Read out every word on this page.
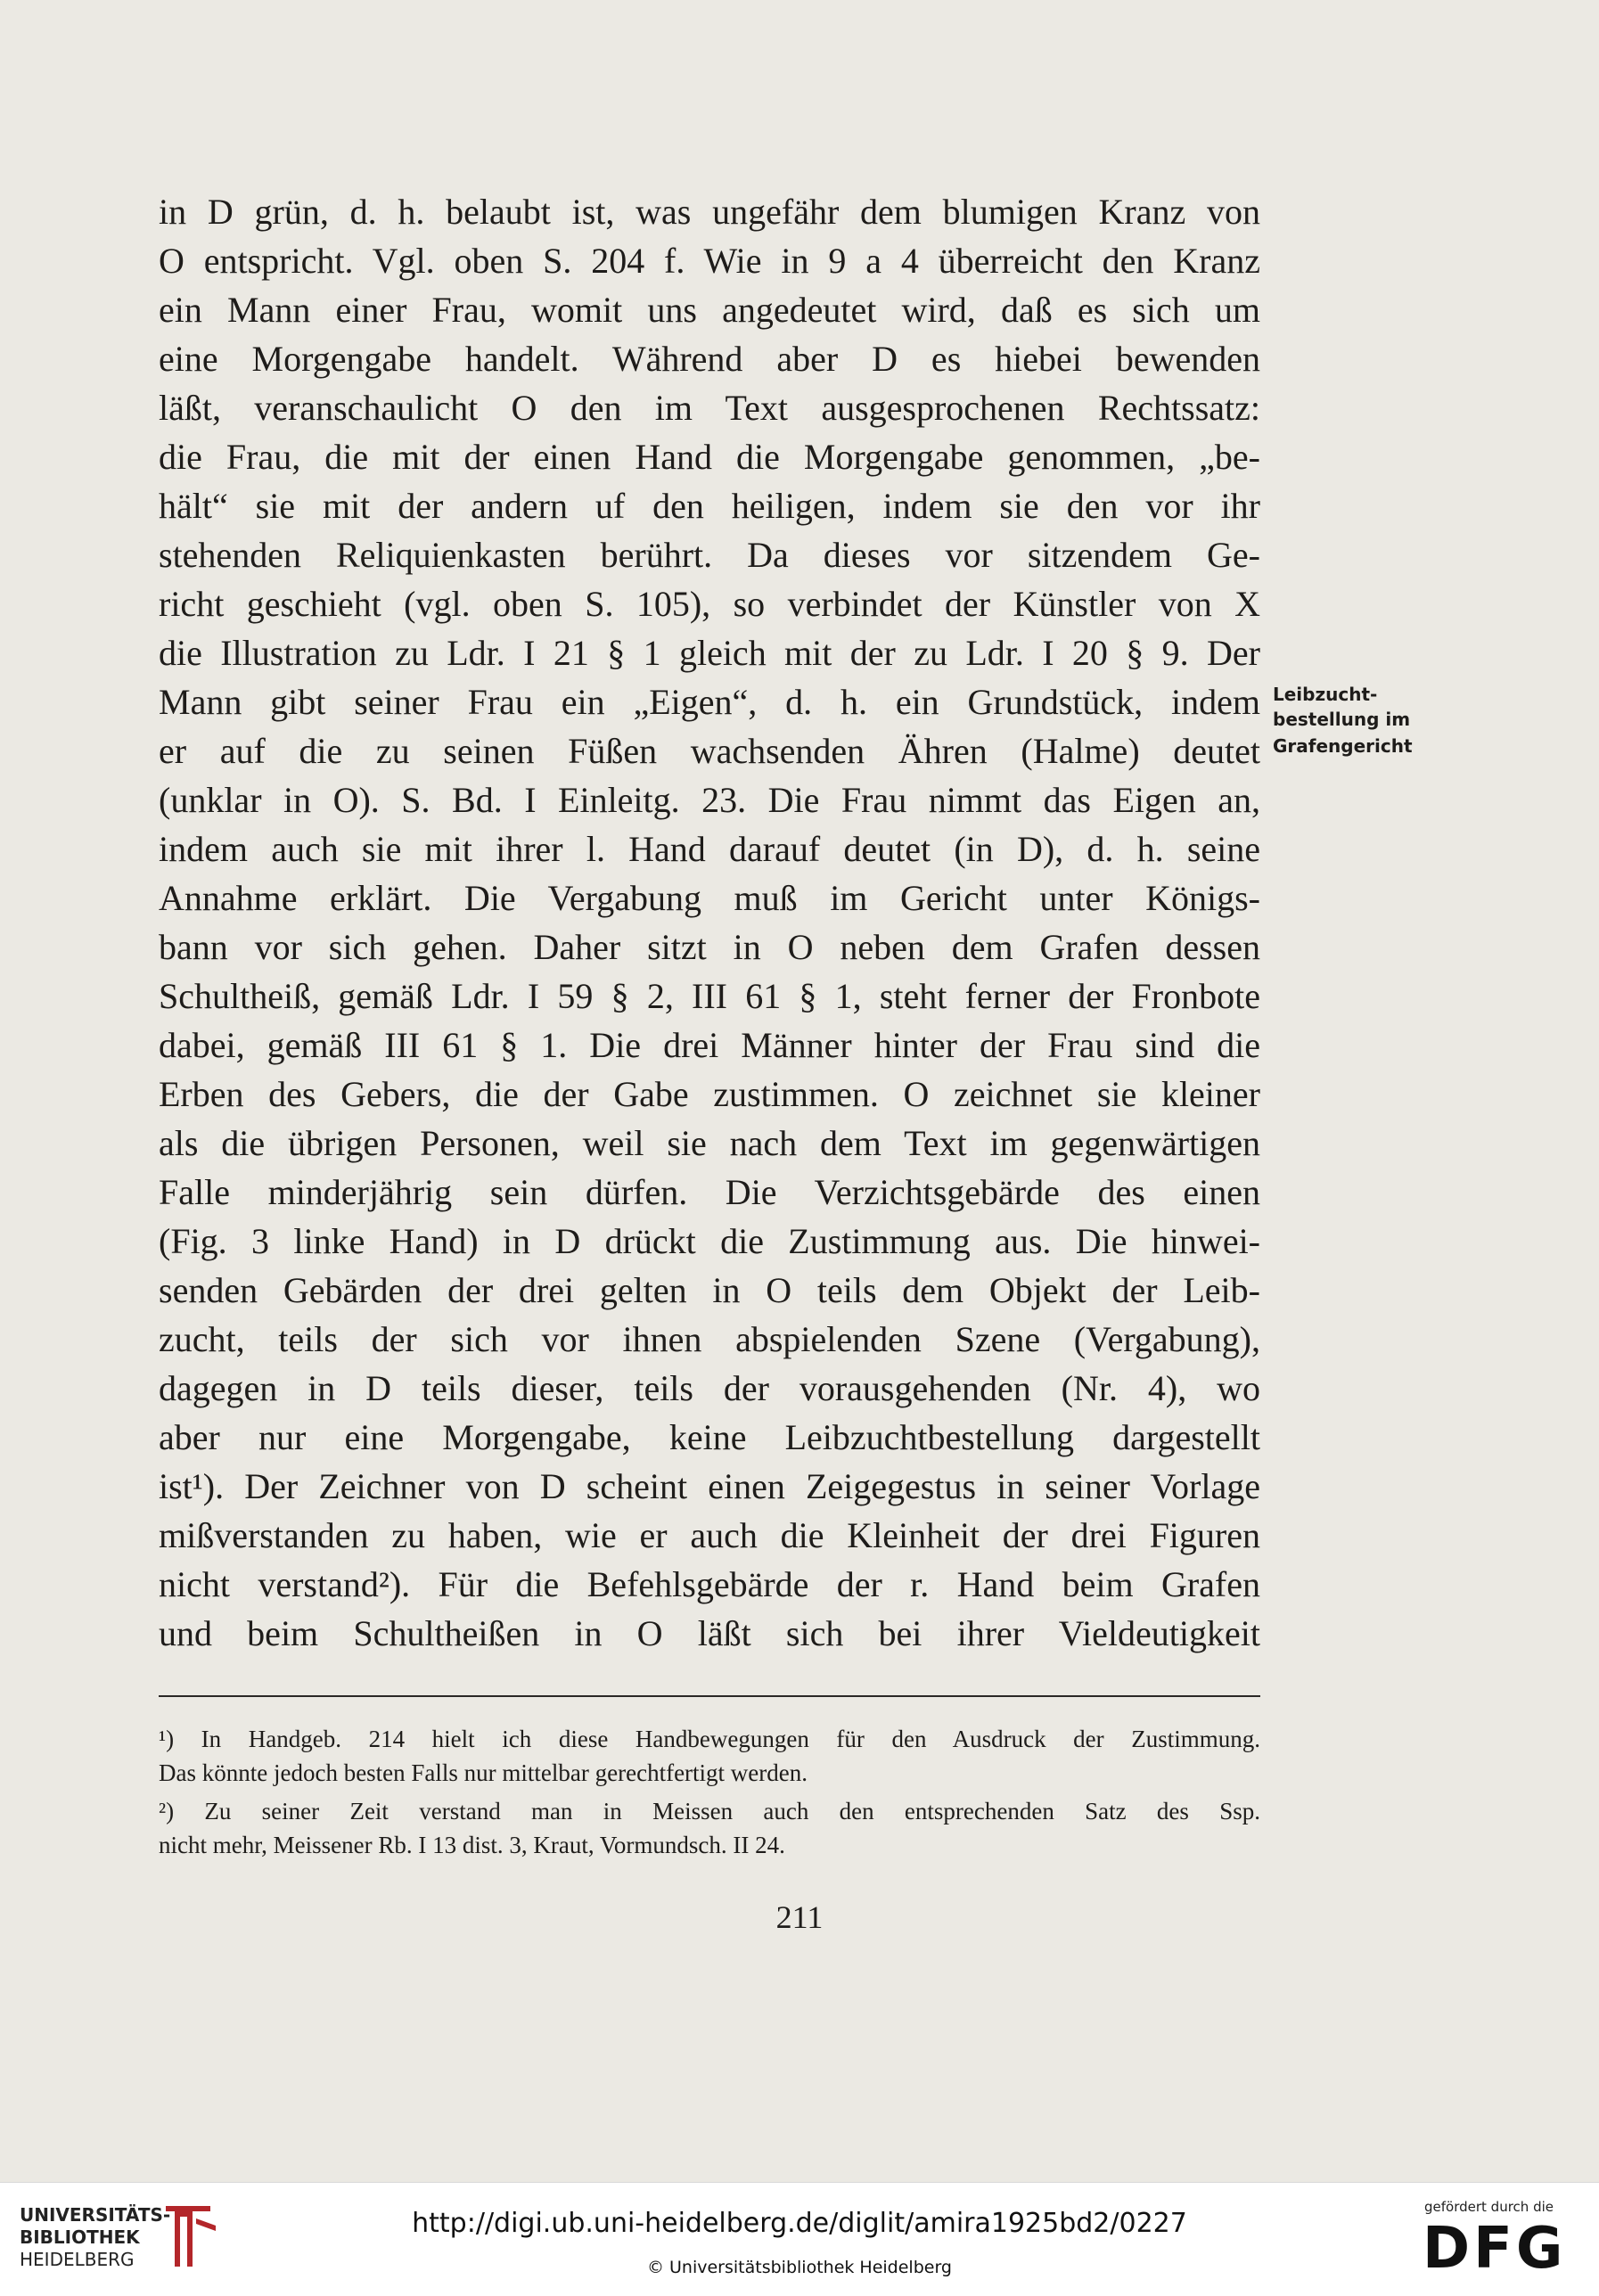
in D grün, d. h. belaubt ist, was ungefähr dem blumigen Kranz von
O entspricht. Vgl. oben S. 204 f. Wie in 9 a 4 überreicht den Kranz
ein Mann einer Frau, womit uns angedeutet wird, daß es sich um
eine Morgengabe handelt. Während aber D es hiebei bewenden
läßt, veranschaulicht O den im Text ausgesprochenen Rechtssatz:
die Frau, die mit der einen Hand die Morgengabe genommen, „be-
hält“ sie mit der andern uf den heiligen, indem sie den vor ihr
stehenden Reliquienkasten berührt. Da dieses vor sitzendem Ge-
richt geschieht (vgl. oben S. 105), so verbindet der Künstler von X
die Illustration zu Ldr. I 21 § 1 gleich mit der zu Ldr. I 20 § 9. Der
Mann gibt seiner Frau ein „Eigen“, d. h. ein Grundstück, indem
er auf die zu seinen Füßen wachsenden Ähren (Halme) deutet
(unklar in O). S. Bd. I Einleitg. 23. Die Frau nimmt das Eigen an,
indem auch sie mit ihrer l. Hand darauf deutet (in D), d. h. seine
Annahme erklärt. Die Vergabung muß im Gericht unter Königs-
bann vor sich gehen. Daher sitzt in O neben dem Grafen dessen
Schultheiß, gemäß Ldr. I 59 § 2, III 61 § 1, steht ferner der Fronbote
dabei, gemäß III 61 § 1. Die drei Männer hinter der Frau sind die
Erben des Gebers, die der Gabe zustimmen. O zeichnet sie kleiner
als die übrigen Personen, weil sie nach dem Text im gegenwärtigen
Falle minderjährig sein dürfen. Die Verzichtsgebärde des einen
(Fig. 3 linke Hand) in D drückt die Zustimmung aus. Die hinwei-
senden Gebärden der drei gelten in O teils dem Objekt der Leib-
zucht, teils der sich vor ihnen abspielenden Szene (Vergabung),
dagegen in D teils dieser, teils der vorausgehenden (Nr. 4), wo
aber nur eine Morgengabe, keine Leibzuchtbestellung dargestellt
ist¹). Der Zeichner von D scheint einen Zeigegestus in seiner Vorlage
mißverstanden zu haben, wie er auch die Kleinheit der drei Figuren
nicht verstand²). Für die Befehlsgebärde der r. Hand beim Grafen
und beim Schultheißen in O läßt sich bei ihrer Vieldeutigkeit
Leibzucht-
bestellung im
Grafengericht
¹) In Handgeb. 214 hielt ich diese Handbewegungen für den Ausdruck der Zustimmung.
Das könnte jedoch besten Falls nur mittelbar gerechtfertigt werden.
²) Zu seiner Zeit verstand man in Meissen auch den entsprechenden Satz des Ssp.
nicht mehr, Meissener Rb. I 13 dist. 3, Kraut, Vormundsch. II 24.
211
UNIVERSITÄTS-
BIBLIOTHEK
HEIDELBERG
http://digi.ub.uni-heidelberg.de/diglit/amira1925bd2/0227
© Universitätsbibliothek Heidelberg
gefördert durch die
DFG
